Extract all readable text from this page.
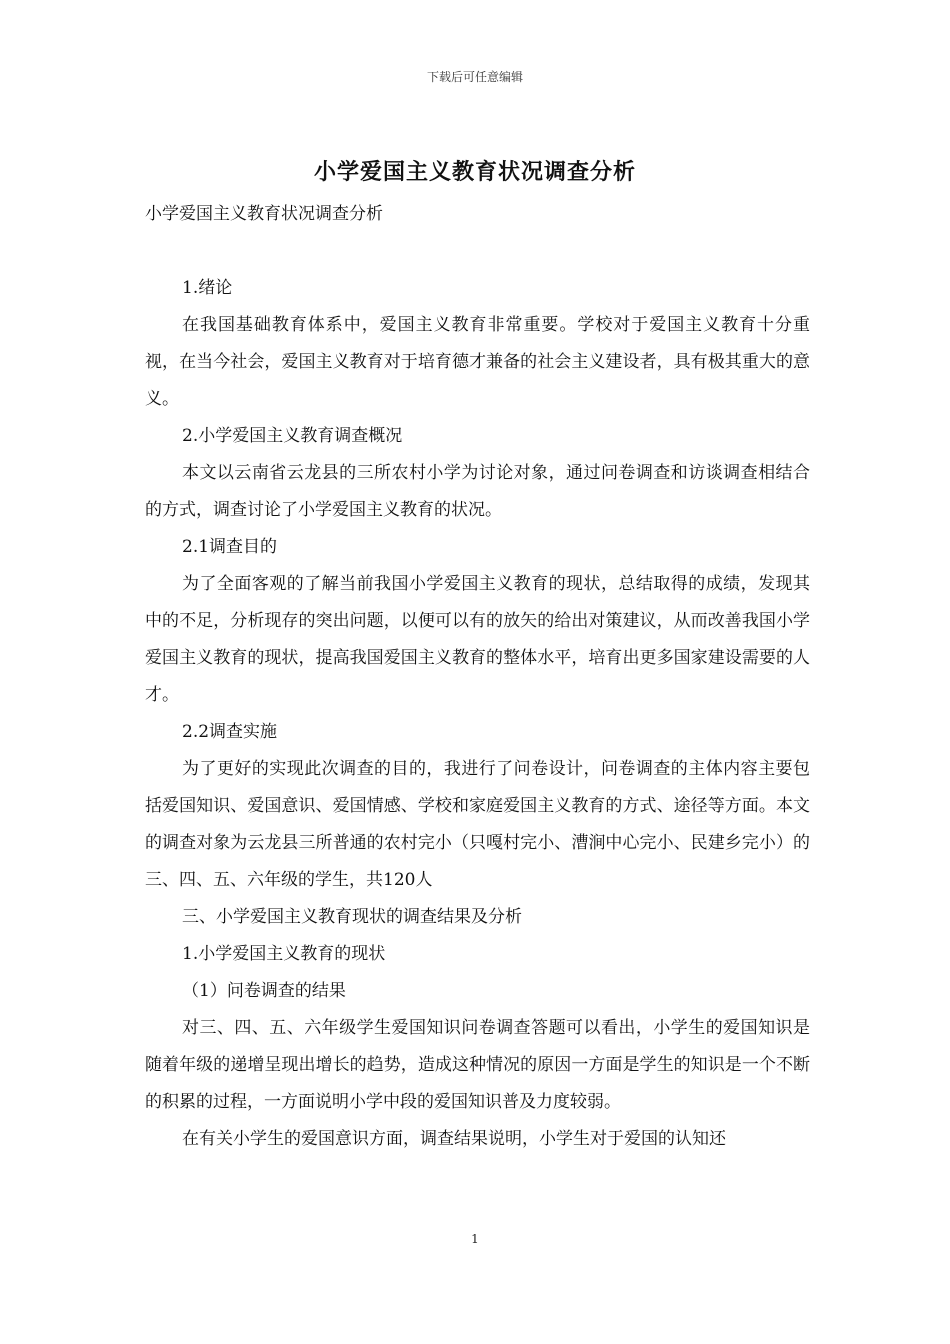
下载后可任意编辑
小学爱国主义教育状况调查分析

小学爱国主义教育状况调查分析

1.绪论

在我国基础教育体系中，爱国主义教育非常重要。学校对于爱国主义教育十分重视，在当今社会，爱国主义教育对于培育德才兼备的社会主义建设者，具有极其重大的意义。

2.小学爱国主义教育调查概况

本文以云南省云龙县的三所农村小学为讨论对象，通过问卷调查和访谈调查相结合的方式，调查讨论了小学爱国主义教育的状况。

2.1调查目的

为了全面客观的了解当前我国小学爱国主义教育的现状，总结取得的成绩，发现其中的不足，分析现存的突出问题，以便可以有的放矢的给出对策建议，从而改善我国小学爱国主义教育的现状，提高我国爱国主义教育的整体水平，培育出更多国家建设需要的人才。

2.2调查实施

为了更好的实现此次调查的目的，我进行了问卷设计，问卷调查的主体内容主要包括爱国知识、爱国意识、爱国情感、学校和家庭爱国主义教育的方式、途径等方面。本文的调查对象为云龙县三所普通的农村完小（只嘎村完小、漕涧中心完小、民建乡完小）的三、四、五、六年级的学生，共120人

三、小学爱国主义教育现状的调查结果及分析

1.小学爱国主义教育的现状

（1）问卷调查的结果

对三、四、五、六年级学生爱国知识问卷调查答题可以看出，小学生的爱国知识是随着年级的递增呈现出增长的趋势，造成这种情况的原因一方面是学生的知识是一个不断的积累的过程，一方面说明小学中段的爱国知识普及力度较弱。

在有关小学生的爱国意识方面，调查结果说明，小学生对于爱国的认知还

1
